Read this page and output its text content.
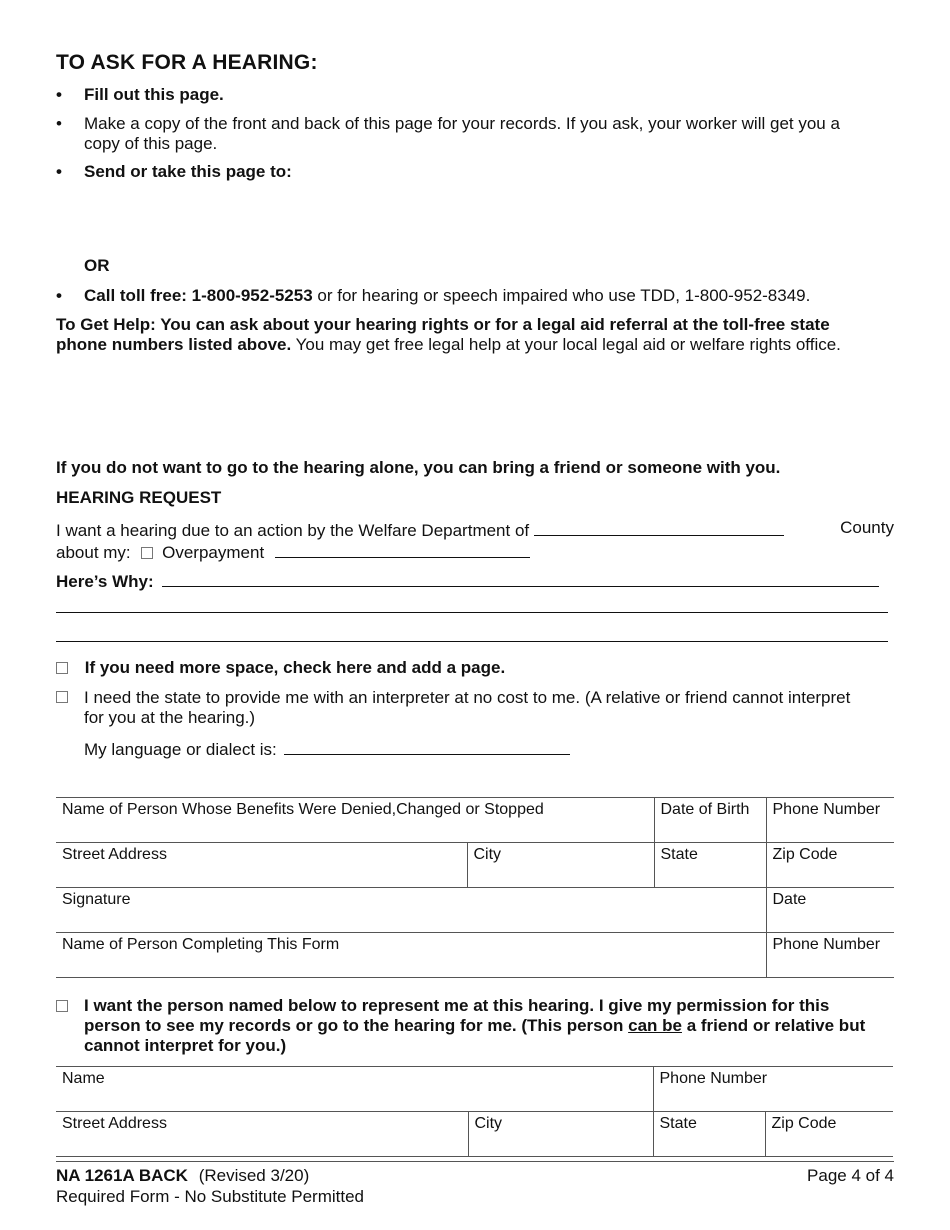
TO ASK FOR A HEARING:
• Fill out this page.
• Make a copy of the front and back of this page for your records. If you ask, your worker will get you a copy of this page.
• Send or take this page to:
OR
• Call toll free: 1-800-952-5253 or for hearing or speech impaired who use TDD, 1-800-952-8349.
To Get Help: You can ask about your hearing rights or for a legal aid referral at the toll-free state phone numbers listed above. You may get free legal help at your local legal aid or welfare rights office.
If you do not want to go to the hearing alone, you can bring a friend or someone with you.
HEARING REQUEST
I want a hearing due to an action by the Welfare Department of	County
about my: Overpayment
Here’s Why:
If you need more space, check here and add a page.
I need the state to provide me with an interpreter at no cost to me. (A relative or friend cannot interpret for you at the hearing.)
My language or dialect is:
Name of Person Whose Benefits Were Denied,Changed or Stopped		Date of Birth	Phone Number
Street Address	City	State	Zip Code
Signature			Date
Name of Person Completing This Form			Phone Number
I want the person named below to represent me at this hearing. I give my permission for this person to see my records or go to the hearing for me. (This person can be a friend or relative but cannot interpret for you.)
Name		Phone Number	
Street Address	City	State	Zip Code
NA 1261A BACK (Revised 3/20)
Required Form - No Substitute Permitted
Page 4 of 4
